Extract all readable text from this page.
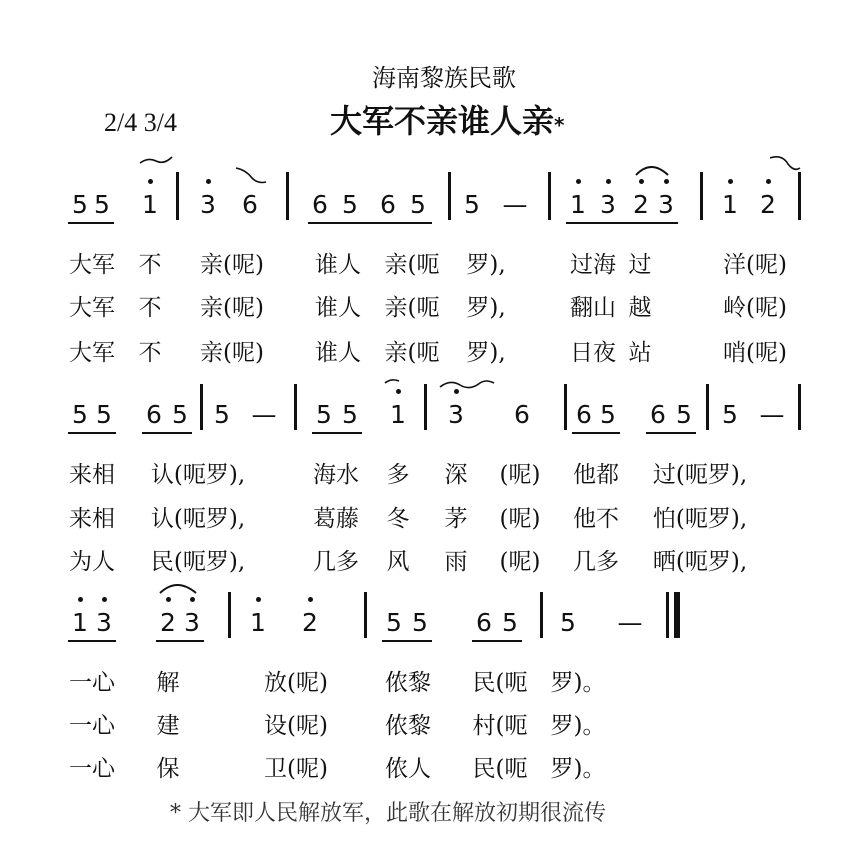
海南黎族民歌
大军不亲谁人亲*
2/4 3/4
5 5 1 3 6 6 5 6 5 5 — 1 3 2 3 1 2
大军 不 亲(呢) 谁人 亲(呃 罗),	过海 过	洋(呢)
大军 不 亲(呢) 谁人 亲(呃 罗),	翻山 越	岭(呢)
大军 不 亲(呢) 谁人 亲(呃 罗),	日夜 站	哨(呢)
5 5 6 5 5 — 5 5 1 3 6 6 5 6 5 5 —
来相 认(呃罗),	海水 多 深 (呢) 他都 过(呃罗),
来相 认(呃罗),	葛藤 冬 茅 (呢) 他不 怕(呃罗),
为人 民(呃罗),	几多 风 雨 (呢) 几多 晒(呃罗),
1 3 2 3 1 2	5 5 6 5 5 —
一心 解	放(呢) 侬黎 民(呃 罗)。
一心 建	设(呢) 侬黎 村(呃 罗)。
一心 保	卫(呢) 侬人 民(呃 罗)。
* 大军即人民解放军，此歌在解放初期很流传
